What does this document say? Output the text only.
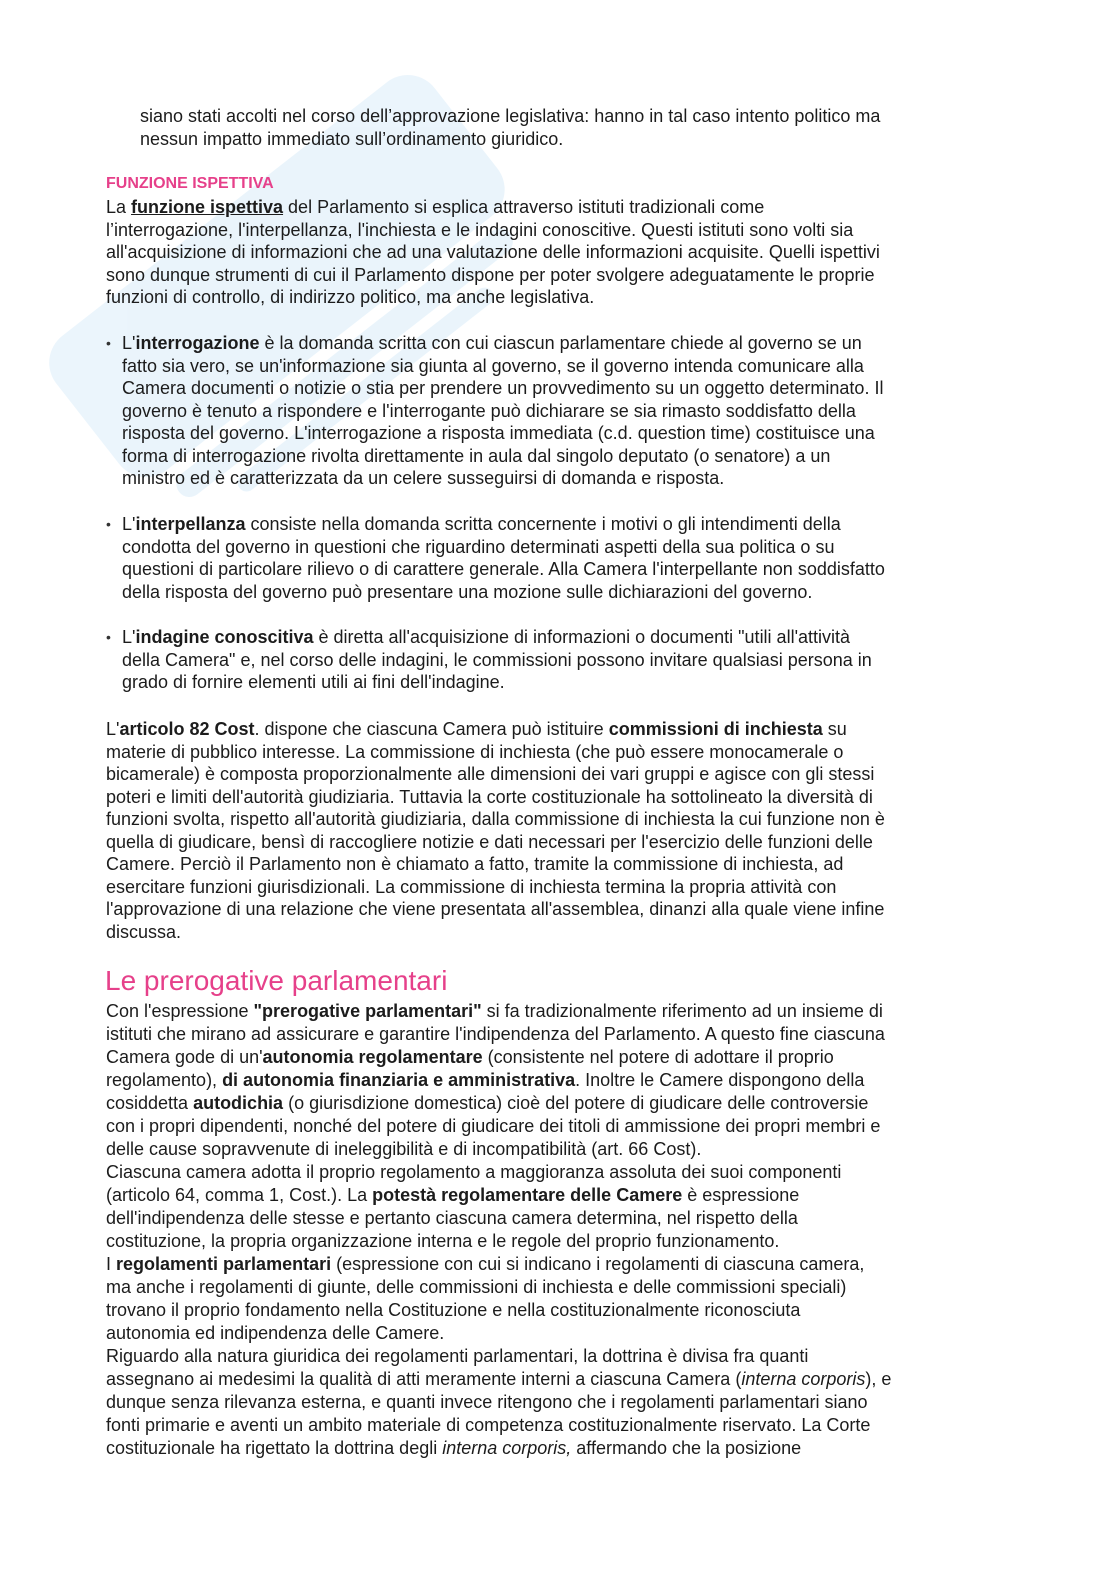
siano stati accolti nel corso dell’approvazione legislativa: hanno in tal caso intento politico ma
nessun impatto immediato sull’ordinamento giuridico.
FUNZIONE ISPETTIVA
La funzione ispettiva del Parlamento si esplica attraverso istituti tradizionali come
l’interrogazione, l'interpellanza, l'inchiesta e le indagini conoscitive. Questi istituti sono volti sia
all'acquisizione di informazioni che ad una valutazione delle informazioni acquisite. Quelli ispettivi
sono dunque strumenti di cui il Parlamento dispone per poter svolgere adeguatamente le proprie
funzioni di controllo, di indirizzo politico, ma anche legislativa.
• L'interrogazione è la domanda scritta con cui ciascun parlamentare chiede al governo se un
fatto sia vero, se un'informazione sia giunta al governo, se il governo intenda comunicare alla
Camera documenti o notizie o stia per prendere un provvedimento su un oggetto determinato. Il
governo è tenuto a rispondere e l'interrogante può dichiarare se sia rimasto soddisfatto della
risposta del governo. L'interrogazione a risposta immediata (c.d. question time) costituisce una
forma di interrogazione rivolta direttamente in aula dal singolo deputato (o senatore) a un
ministro ed è caratterizzata da un celere susseguirsi di domanda e risposta.
• L'interpellanza consiste nella domanda scritta concernente i motivi o gli intendimenti della
condotta del governo in questioni che riguardino determinati aspetti della sua politica o su
questioni di particolare rilievo o di carattere generale. Alla Camera l'interpellante non soddisfatto
della risposta del governo può presentare una mozione sulle dichiarazioni del governo.
• L'indagine conoscitiva è diretta all'acquisizione di informazioni o documenti "utili all'attività
della Camera" e, nel corso delle indagini, le commissioni possono invitare qualsiasi persona in
grado di fornire elementi utili ai fini dell'indagine.
L'articolo 82 Cost. dispone che ciascuna Camera può istituire commissioni di inchiesta su
materie di pubblico interesse. La commissione di inchiesta (che può essere monocamerale o
bicamerale) è composta proporzionalmente alle dimensioni dei vari gruppi e agisce con gli stessi
poteri e limiti dell'autorità giudiziaria. Tuttavia la corte costituzionale ha sottolineato la diversità di
funzioni svolta, rispetto all'autorità giudiziaria, dalla commissione di inchiesta la cui funzione non è
quella di giudicare, bensì di raccogliere notizie e dati necessari per l'esercizio delle funzioni delle
Camere. Perciò il Parlamento non è chiamato a fatto, tramite la commissione di inchiesta, ad
esercitare funzioni giurisdizionali. La commissione di inchiesta termina la propria attività con
l'approvazione di una relazione che viene presentata all'assemblea, dinanzi alla quale viene infine
discussa.
Le prerogative parlamentari
Con l'espressione "prerogative parlamentari" si fa tradizionalmente riferimento ad un insieme di
istituti che mirano ad assicurare e garantire l'indipendenza del Parlamento. A questo fine ciascuna
Camera gode di un'autonomia regolamentare (consistente nel potere di adottare il proprio
regolamento), di autonomia finanziaria e amministrativa. Inoltre le Camere dispongono della
cosiddetta autodichia (o giurisdizione domestica) cioè del potere di giudicare delle controversie
con i propri dipendenti, nonché del potere di giudicare dei titoli di ammissione dei propri membri e
delle cause sopravvenute di ineleggibilità e di incompatibilità (art. 66 Cost).
Ciascuna camera adotta il proprio regolamento a maggioranza assoluta dei suoi componenti
(articolo 64, comma 1, Cost.). La potestà regolamentare delle Camere è espressione
dell'indipendenza delle stesse e pertanto ciascuna camera determina, nel rispetto della
costituzione, la propria organizzazione interna e le regole del proprio funzionamento.
I regolamenti parlamentari (espressione con cui si indicano i regolamenti di ciascuna camera,
ma anche i regolamenti di giunte, delle commissioni di inchiesta e delle commissioni speciali)
trovano il proprio fondamento nella Costituzione e nella costituzionalmente riconosciuta
autonomia ed indipendenza delle Camere.
Riguardo alla natura giuridica dei regolamenti parlamentari, la dottrina è divisa fra quanti
assegnano ai medesimi la qualità di atti meramente interni a ciascuna Camera (interna corporis), e
dunque senza rilevanza esterna, e quanti invece ritengono che i regolamenti parlamentari siano
fonti primarie e aventi un ambito materiale di competenza costituzionalmente riservato. La Corte
costituzionale ha rigettato la dottrina degli interna corporis, affermando che la posizione
